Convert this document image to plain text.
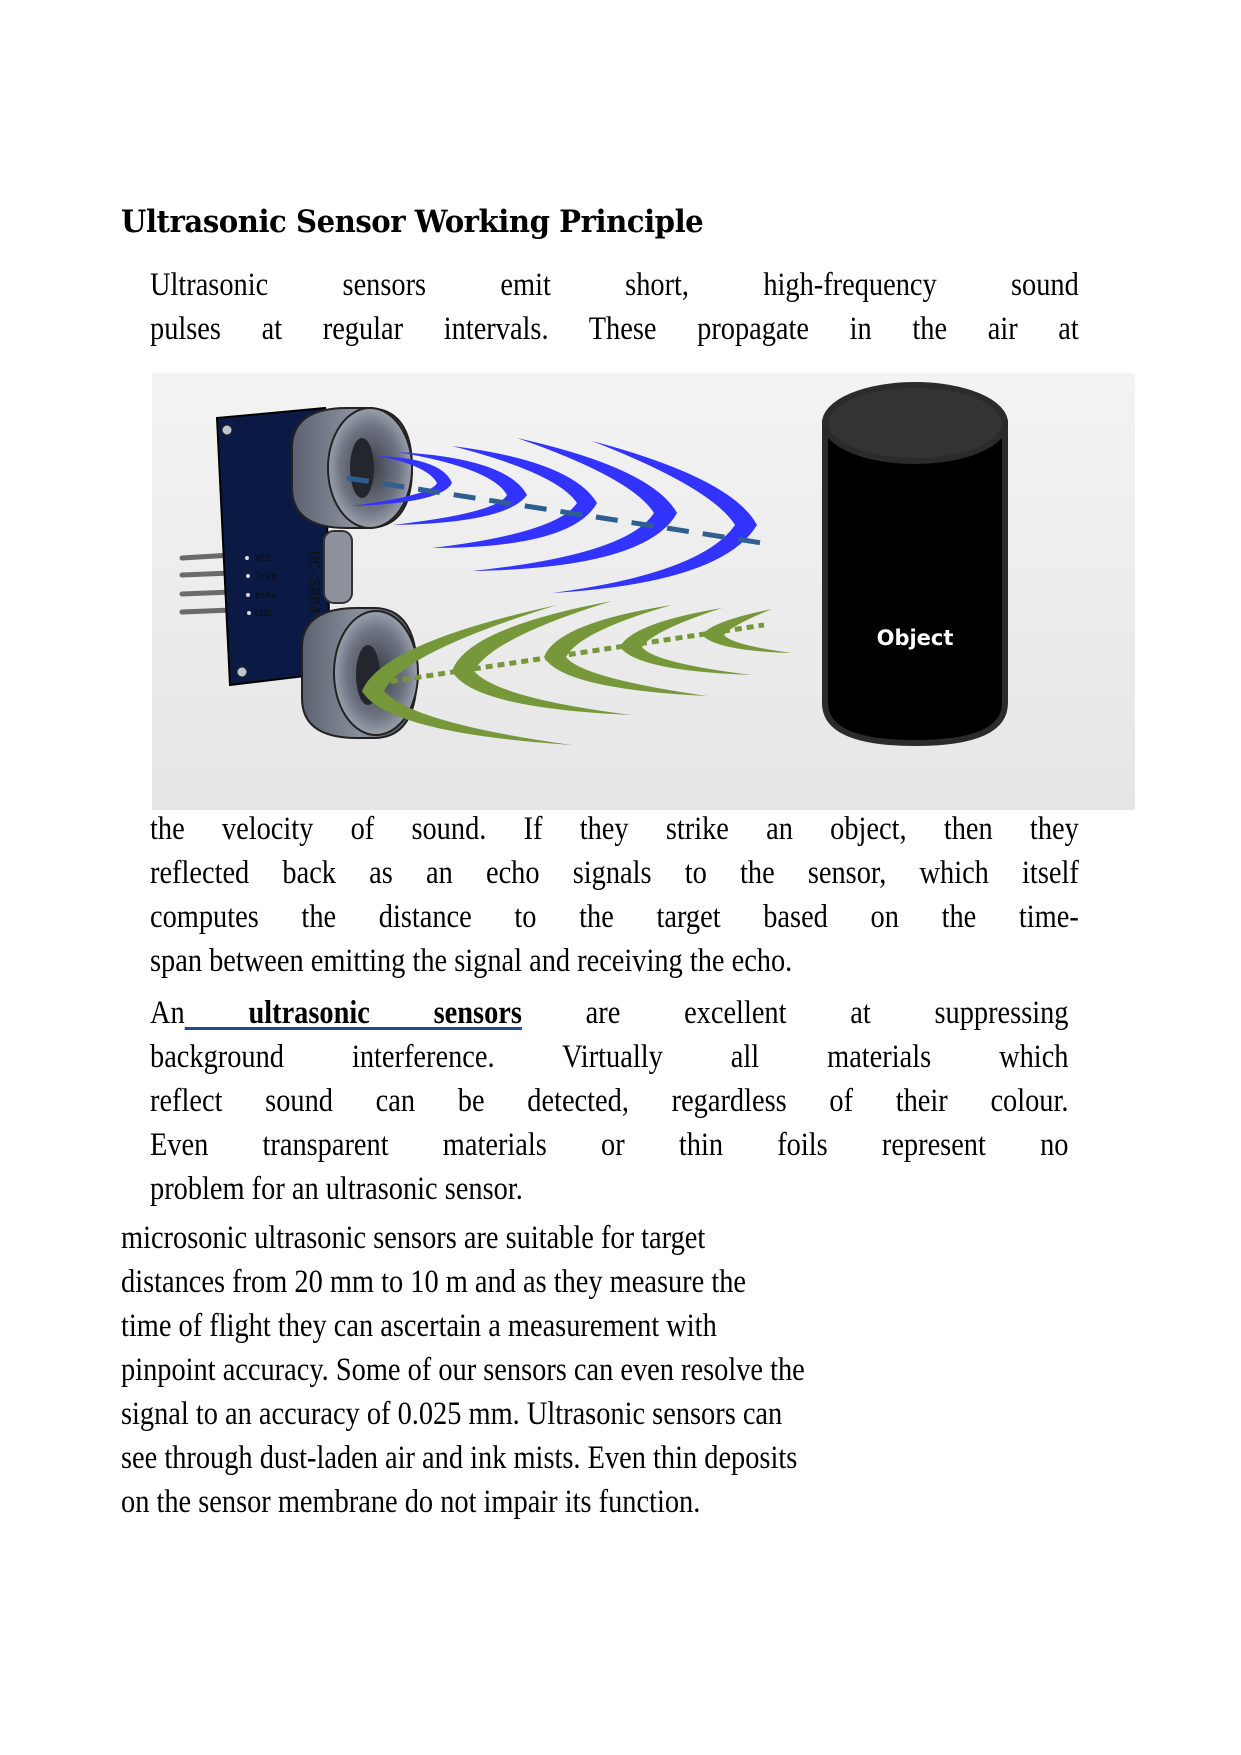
Ultrasonic Sensor Working Principle
Ultrasonic sensors emit short, high-frequency sound
pulses at regular intervals. These propagate in the air at
HC-SR04
VCC
Trig
Echo
GND
Object
the velocity of sound. If they strike an object, then they
reflected back as an echo signals to the sensor, which itself
computes the distance to the target based on the time-
span between emitting the signal and receiving the echo.
An ultrasonic sensors are excellent at suppressing
background interference. Virtually all materials which
reflect sound can be detected, regardless of their colour.
Even transparent materials or thin foils represent no
problem for an ultrasonic sensor.
microsonic ultrasonic sensors are suitable for target
distances from 20 mm to 10 m and as they measure the
time of flight they can ascertain a measurement with
pinpoint accuracy. Some of our sensors can even resolve the
signal to an accuracy of 0.025 mm. Ultrasonic sensors can
see through dust-laden air and ink mists. Even thin deposits
on the sensor membrane do not impair its function.
